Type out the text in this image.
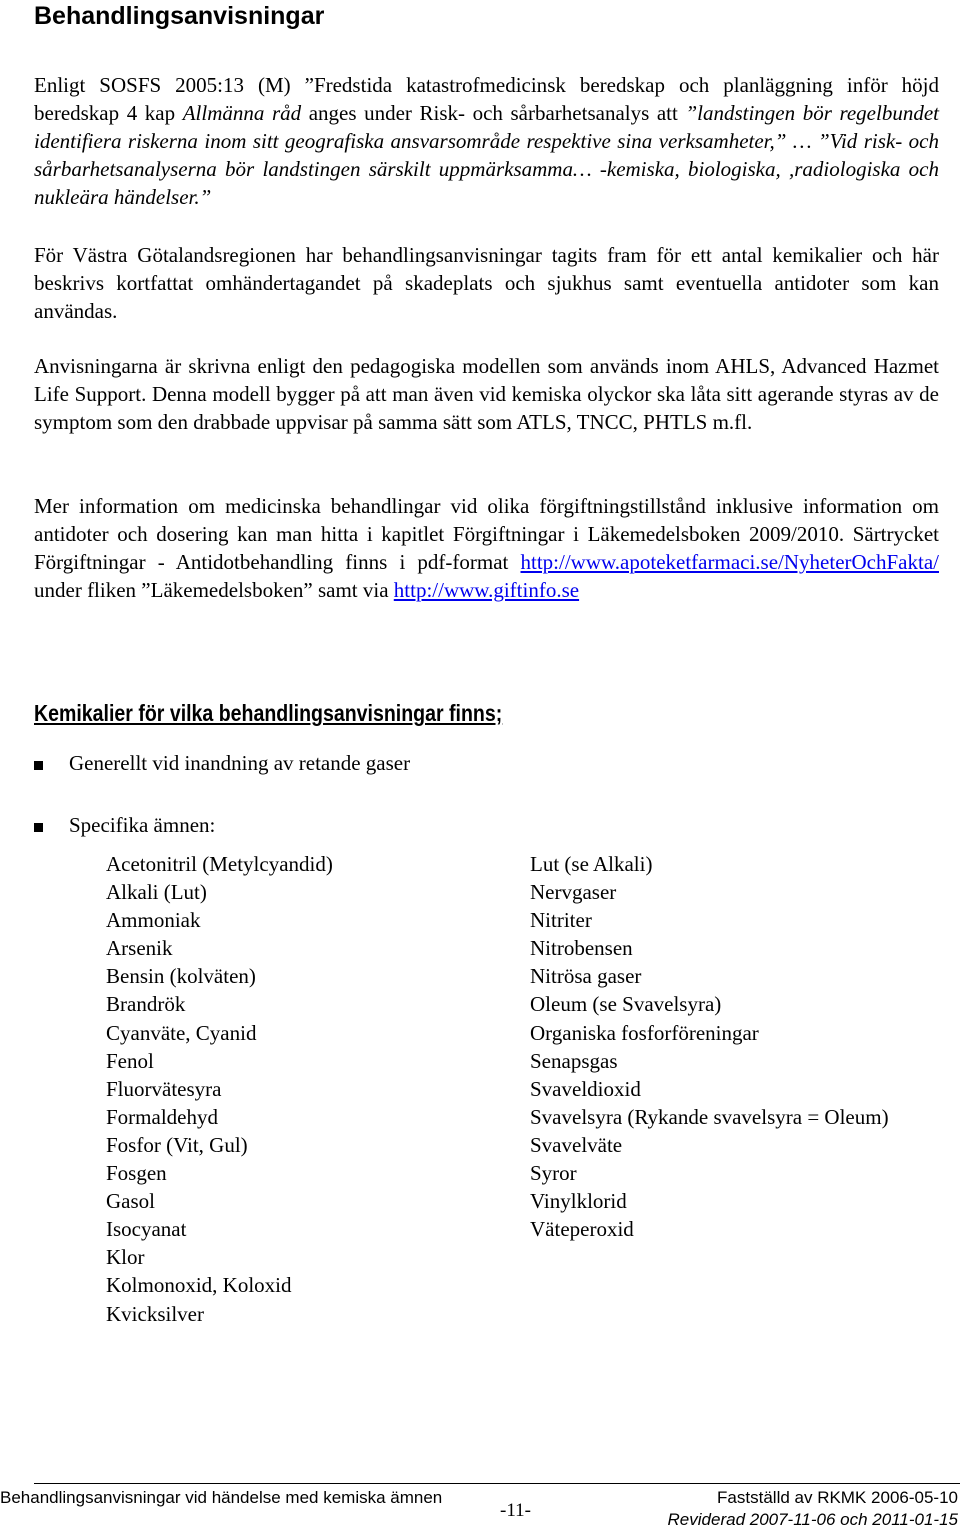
Behandlingsanvisningar

Enligt SOSFS 2005:13 (M) ”Fredstida katastrofmedicinsk beredskap och planläggning inför höjd beredskap 4 kap Allmänna råd anges under Risk- och sårbarhetsanalys att ”landstingen bör regelbundet identifiera riskerna inom sitt geografiska ansvarsområde respektive sina verksamheter,” … ”Vid risk- och sårbarhetsanalyserna bör landstingen särskilt uppmärksamma… -kemiska, biologiska, ,radiologiska och nukleära händelser.”

För Västra Götalandsregionen har behandlingsanvisningar tagits fram för ett antal kemikalier och här beskrivs kortfattat omhändertagandet på skadeplats och sjukhus samt eventuella antidoter som kan användas.

Anvisningarna är skrivna enligt den pedagogiska modellen som används inom AHLS, Advanced Hazmet Life Support. Denna modell bygger på att man även vid kemiska olyckor ska låta sitt agerande styras av de symptom som den drabbade uppvisar på samma sätt som ATLS, TNCC, PHTLS m.fl.

Mer information om medicinska behandlingar vid olika förgiftningstillstånd inklusive information om antidoter och dosering kan man hitta i kapitlet Förgiftningar i Läkemedelsboken 2009/2010. Särtrycket Förgiftningar - Antidotbehandling finns i pdf-format http://www.apoteketfarmaci.se/NyheterOchFakta/ under fliken ”Läkemedelsboken” samt via http://www.giftinfo.se

Kemikalier för vilka behandlingsanvisningar finns;
Generellt vid inandning av retande gaser
Specifika ämnen:
Acetonitril (Metylcyandid)
Alkali (Lut)
Ammoniak
Arsenik
Bensin (kolväten)
Brandrök
Cyanväte, Cyanid
Fenol
Fluorvätesyra
Formaldehyd
Fosfor (Vit, Gul)
Fosgen
Gasol
Isocyanat
Klor
Kolmonoxid, Koloxid
Kvicksilver
Lut (se Alkali)
Nervgaser
Nitriter
Nitrobensen
Nitrösa gaser
Oleum (se Svavelsyra)
Organiska fosforföreningar
Senapsgas
Svaveldioxid
Svavelsyra (Rykande svavelsyra = Oleum)
Svavelväte
Syror
Vinylklorid
Väteperoxid
Behandlingsanvisningar vid händelse med kemiska ämnen
-11-
Fastställd av RKMK 2006-05-10
Reviderad 2007-11-06 och 2011-01-15
